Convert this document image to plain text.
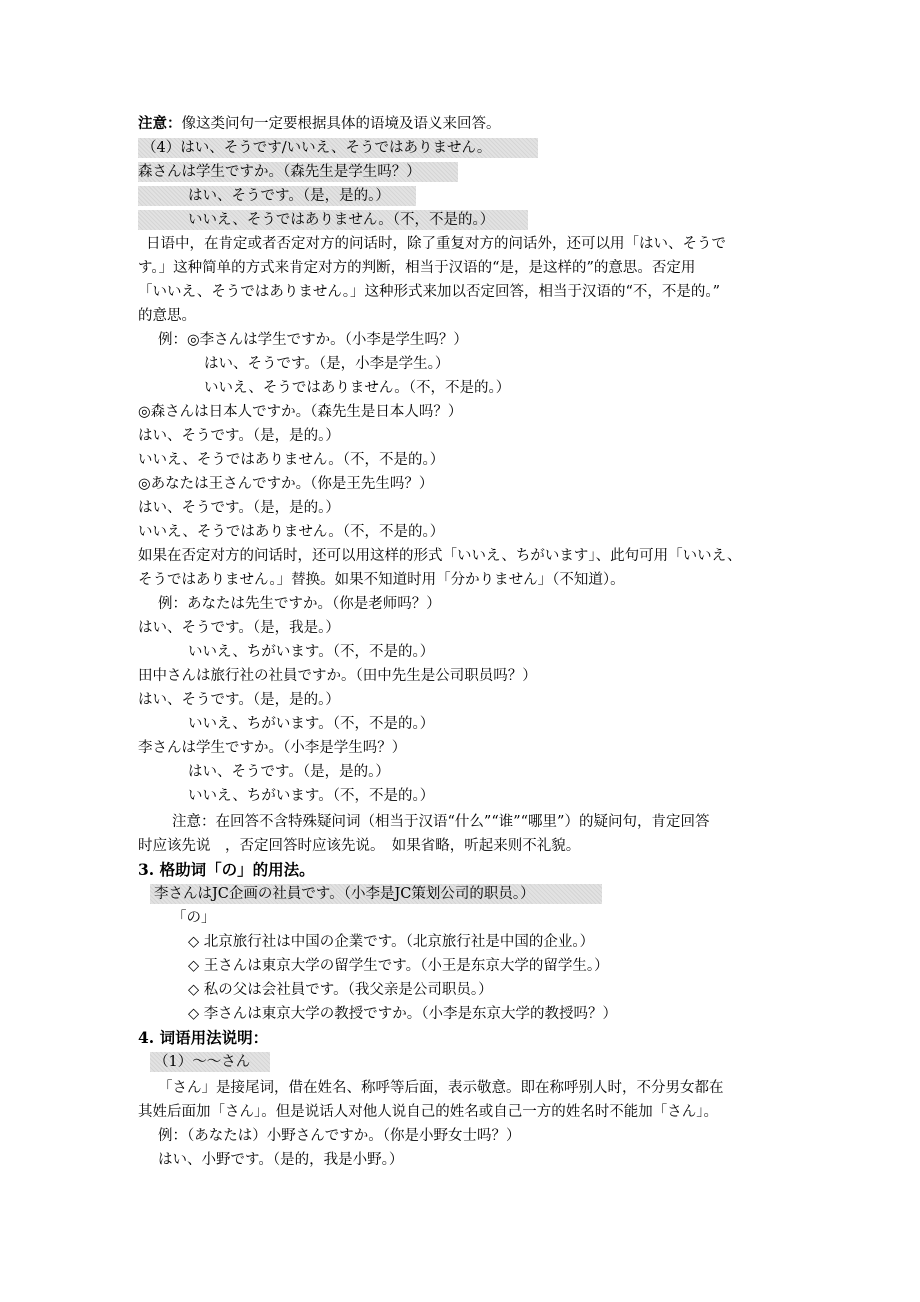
注意：像这类问句一定要根据具体的语境及语义来回答。
（4）はい、そうです/いいえ、そうではありません。
森さんは学生ですか。（森先生是学生吗？）
はい、そうです。（是，是的。）
いいえ、そうではありません。（不，不是的。）
日语中，在肯定或者否定对方的问话时，除了重复对方的问话外，还可以用「はい、そうで
す。」这种简单的方式来肯定对方的判断，相当于汉语的“是，是这样的”的意思。否定用
「いいえ、そうではありません。」这种形式来加以否定回答，相当于汉语的“不，不是的。”
的意思。
例：◎李さんは学生ですか。（小李是学生吗？）
はい、そうです。（是，小李是学生。）
いいえ、そうではありません。（不，不是的。）
◎森さんは日本人ですか。（森先生是日本人吗？）
はい、そうです。（是，是的。）
いいえ、そうではありません。（不，不是的。）
◎あなたは王さんですか。（你是王先生吗？）
はい、そうです。（是，是的。）
いいえ、そうではありません。（不，不是的。）
如果在否定对方的问话时，还可以用这样的形式「いいえ、ちがいます」、此句可用「いいえ、
そうではありません。」替换。如果不知道时用「分かりません」（不知道）。
例：あなたは先生ですか。（你是老师吗？）
はい、そうです。（是，我是。）
いいえ、ちがいます。（不，不是的。）
田中さんは旅行社の社員ですか。（田中先生是公司职员吗？）
はい、そうです。（是，是的。）
いいえ、ちがいます。（不，不是的。）
李さんは学生ですか。（小李是学生吗？）
はい、そうです。（是，是的。）
いいえ、ちがいます。（不，不是的。）
注意：在回答不含特殊疑问词（相当于汉语“什么”“谁”“哪里”）的疑问句，肯定回答
时应该先说　，否定回答时应该先说。　如果省略，听起来则不礼貌。
3. 格助词「の」的用法。
李さんはJC企画の社員です。（小李是JC策划公司的职员。）
「の」
◇ 北京旅行社は中国の企業です。（北京旅行社是中国的企业。）
◇ 王さんは東京大学の留学生です。（小王是东京大学的留学生。）
◇ 私の父は会社員です。（我父亲是公司职员。）
◇ 李さんは東京大学の教授ですか。（小李是东京大学的教授吗？）
4. 词语用法说明：
（1）～～さん
「さん」是接尾词，借在姓名、称呼等后面，表示敬意。即在称呼别人时，不分男女都在
其姓后面加「さん」。但是说话人对他人说自己的姓名或自己一方的姓名时不能加「さん」。
例：（あなたは）小野さんですか。（你是小野女士吗？）
はい、小野です。（是的，我是小野。）
